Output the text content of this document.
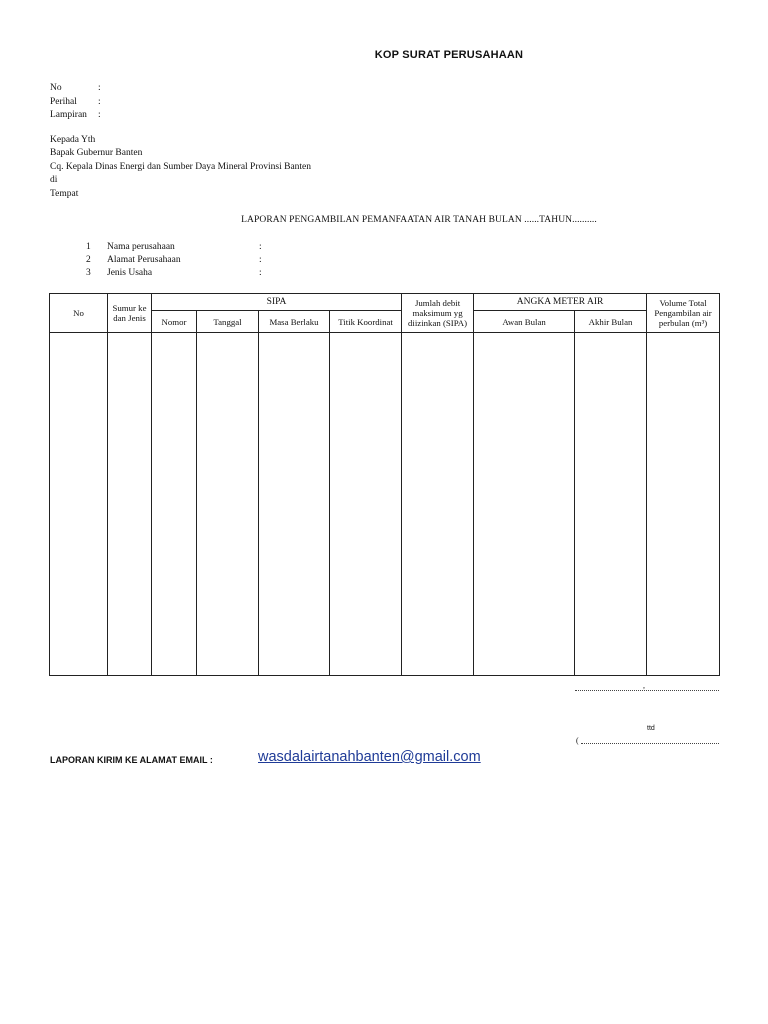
KOP SURAT PERUSAHAAN
No	:
Perihal	:
Lampiran	:
Kepada Yth
Bapak Gubernur Banten
Cq. Kepala Dinas Energi dan Sumber Daya Mineral Provinsi Banten
di
Tempat
LAPORAN PENGAMBILAN PEMANFAATAN AIR TANAH BULAN ......TAHUN..........
1	Nama perusahaan	:
2	Alamat Perusahaan	:
3	Jenis Usaha	:
No	Sumur ke dan Jenis	SIPA				Jumlah debit maksimum yg diizinkan (SIPA)	ANGKA METER AIR		Volume Total Pengambilan air perbulan (m³)
		Nomor	Tanggal	Masa Berlaku	Titik Koordinat		Awan Bulan	Akhir Bulan	

,
ttd
(
LAPORAN KIRIM KE ALAMAT EMAIL :	wasdalairtanahbanten@gmail.com
